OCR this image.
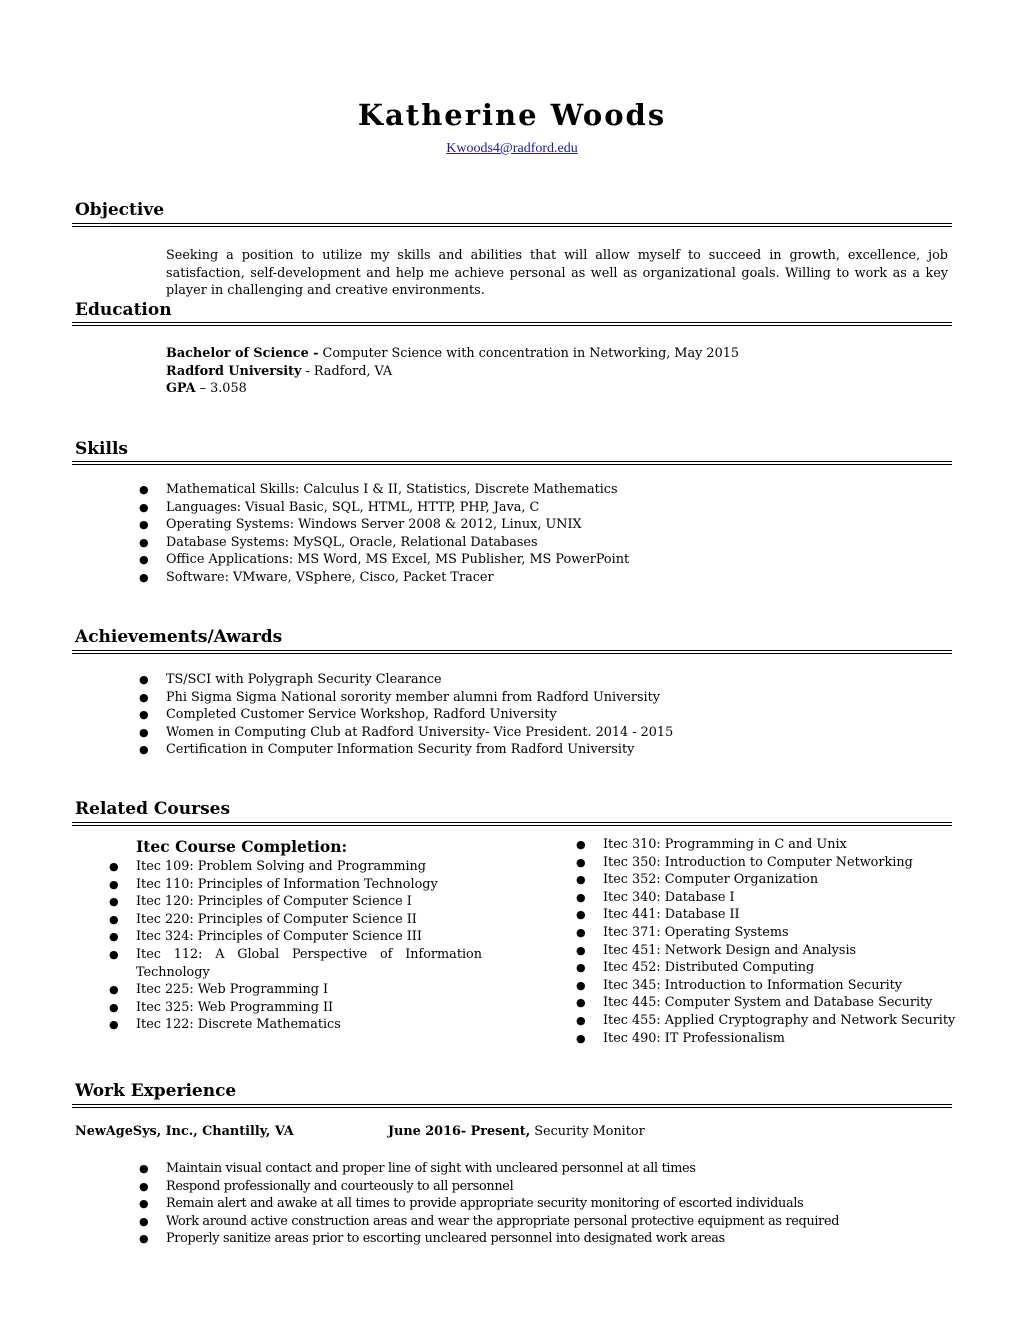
Katherine Woods
Kwoods4@radford.edu
Objective
Seeking a position to utilize my skills and abilities that will allow myself to succeed in growth, excellence, job satisfaction, self-development and help me achieve personal as well as organizational goals. Willing to work as a key player in challenging and creative environments.
Education
Bachelor of Science - Computer Science with concentration in Networking, May 2015
Radford University - Radford, VA
GPA – 3.058
Skills
● Mathematical Skills: Calculus I & II, Statistics, Discrete Mathematics
● Languages: Visual Basic, SQL, HTML, HTTP, PHP, Java, C
● Operating Systems: Windows Server 2008 & 2012, Linux, UNIX
● Database Systems: MySQL, Oracle, Relational Databases
● Office Applications: MS Word, MS Excel, MS Publisher, MS PowerPoint
● Software: VMware, VSphere, Cisco, Packet Tracer
Achievements/Awards
● TS/SCI with Polygraph Security Clearance
● Phi Sigma Sigma National sorority member alumni from Radford University
● Completed Customer Service Workshop, Radford University
● Women in Computing Club at Radford University- Vice President. 2014 - 2015
● Certification in Computer Information Security from Radford University
Related Courses
Itec Course Completion:
● Itec 109: Problem Solving and Programming
● Itec 110: Principles of Information Technology
● Itec 120: Principles of Computer Science I
● Itec 220: Principles of Computer Science II
● Itec 324: Principles of Computer Science III
● Itec 112: A Global Perspective of Information Technology
● Itec 225: Web Programming I
● Itec 325: Web Programming II
● Itec 122: Discrete Mathematics
● Itec 310: Programming in C and Unix
● Itec 350: Introduction to Computer Networking
● Itec 352: Computer Organization
● Itec 340: Database I
● Itec 441: Database II
● Itec 371: Operating Systems
● Itec 451: Network Design and Analysis
● Itec 452: Distributed Computing
● Itec 345: Introduction to Information Security
● Itec 445: Computer System and Database Security
● Itec 455: Applied Cryptography and Network Security
● Itec 490: IT Professionalism
Work Experience
NewAgeSys, Inc., Chantilly, VA	June 2016- Present, Security Monitor
● Maintain visual contact and proper line of sight with uncleared personnel at all times
● Respond professionally and courteously to all personnel
● Remain alert and awake at all times to provide appropriate security monitoring of escorted individuals
● Work around active construction areas and wear the appropriate personal protective equipment as required
● Properly sanitize areas prior to escorting uncleared personnel into designated work areas
